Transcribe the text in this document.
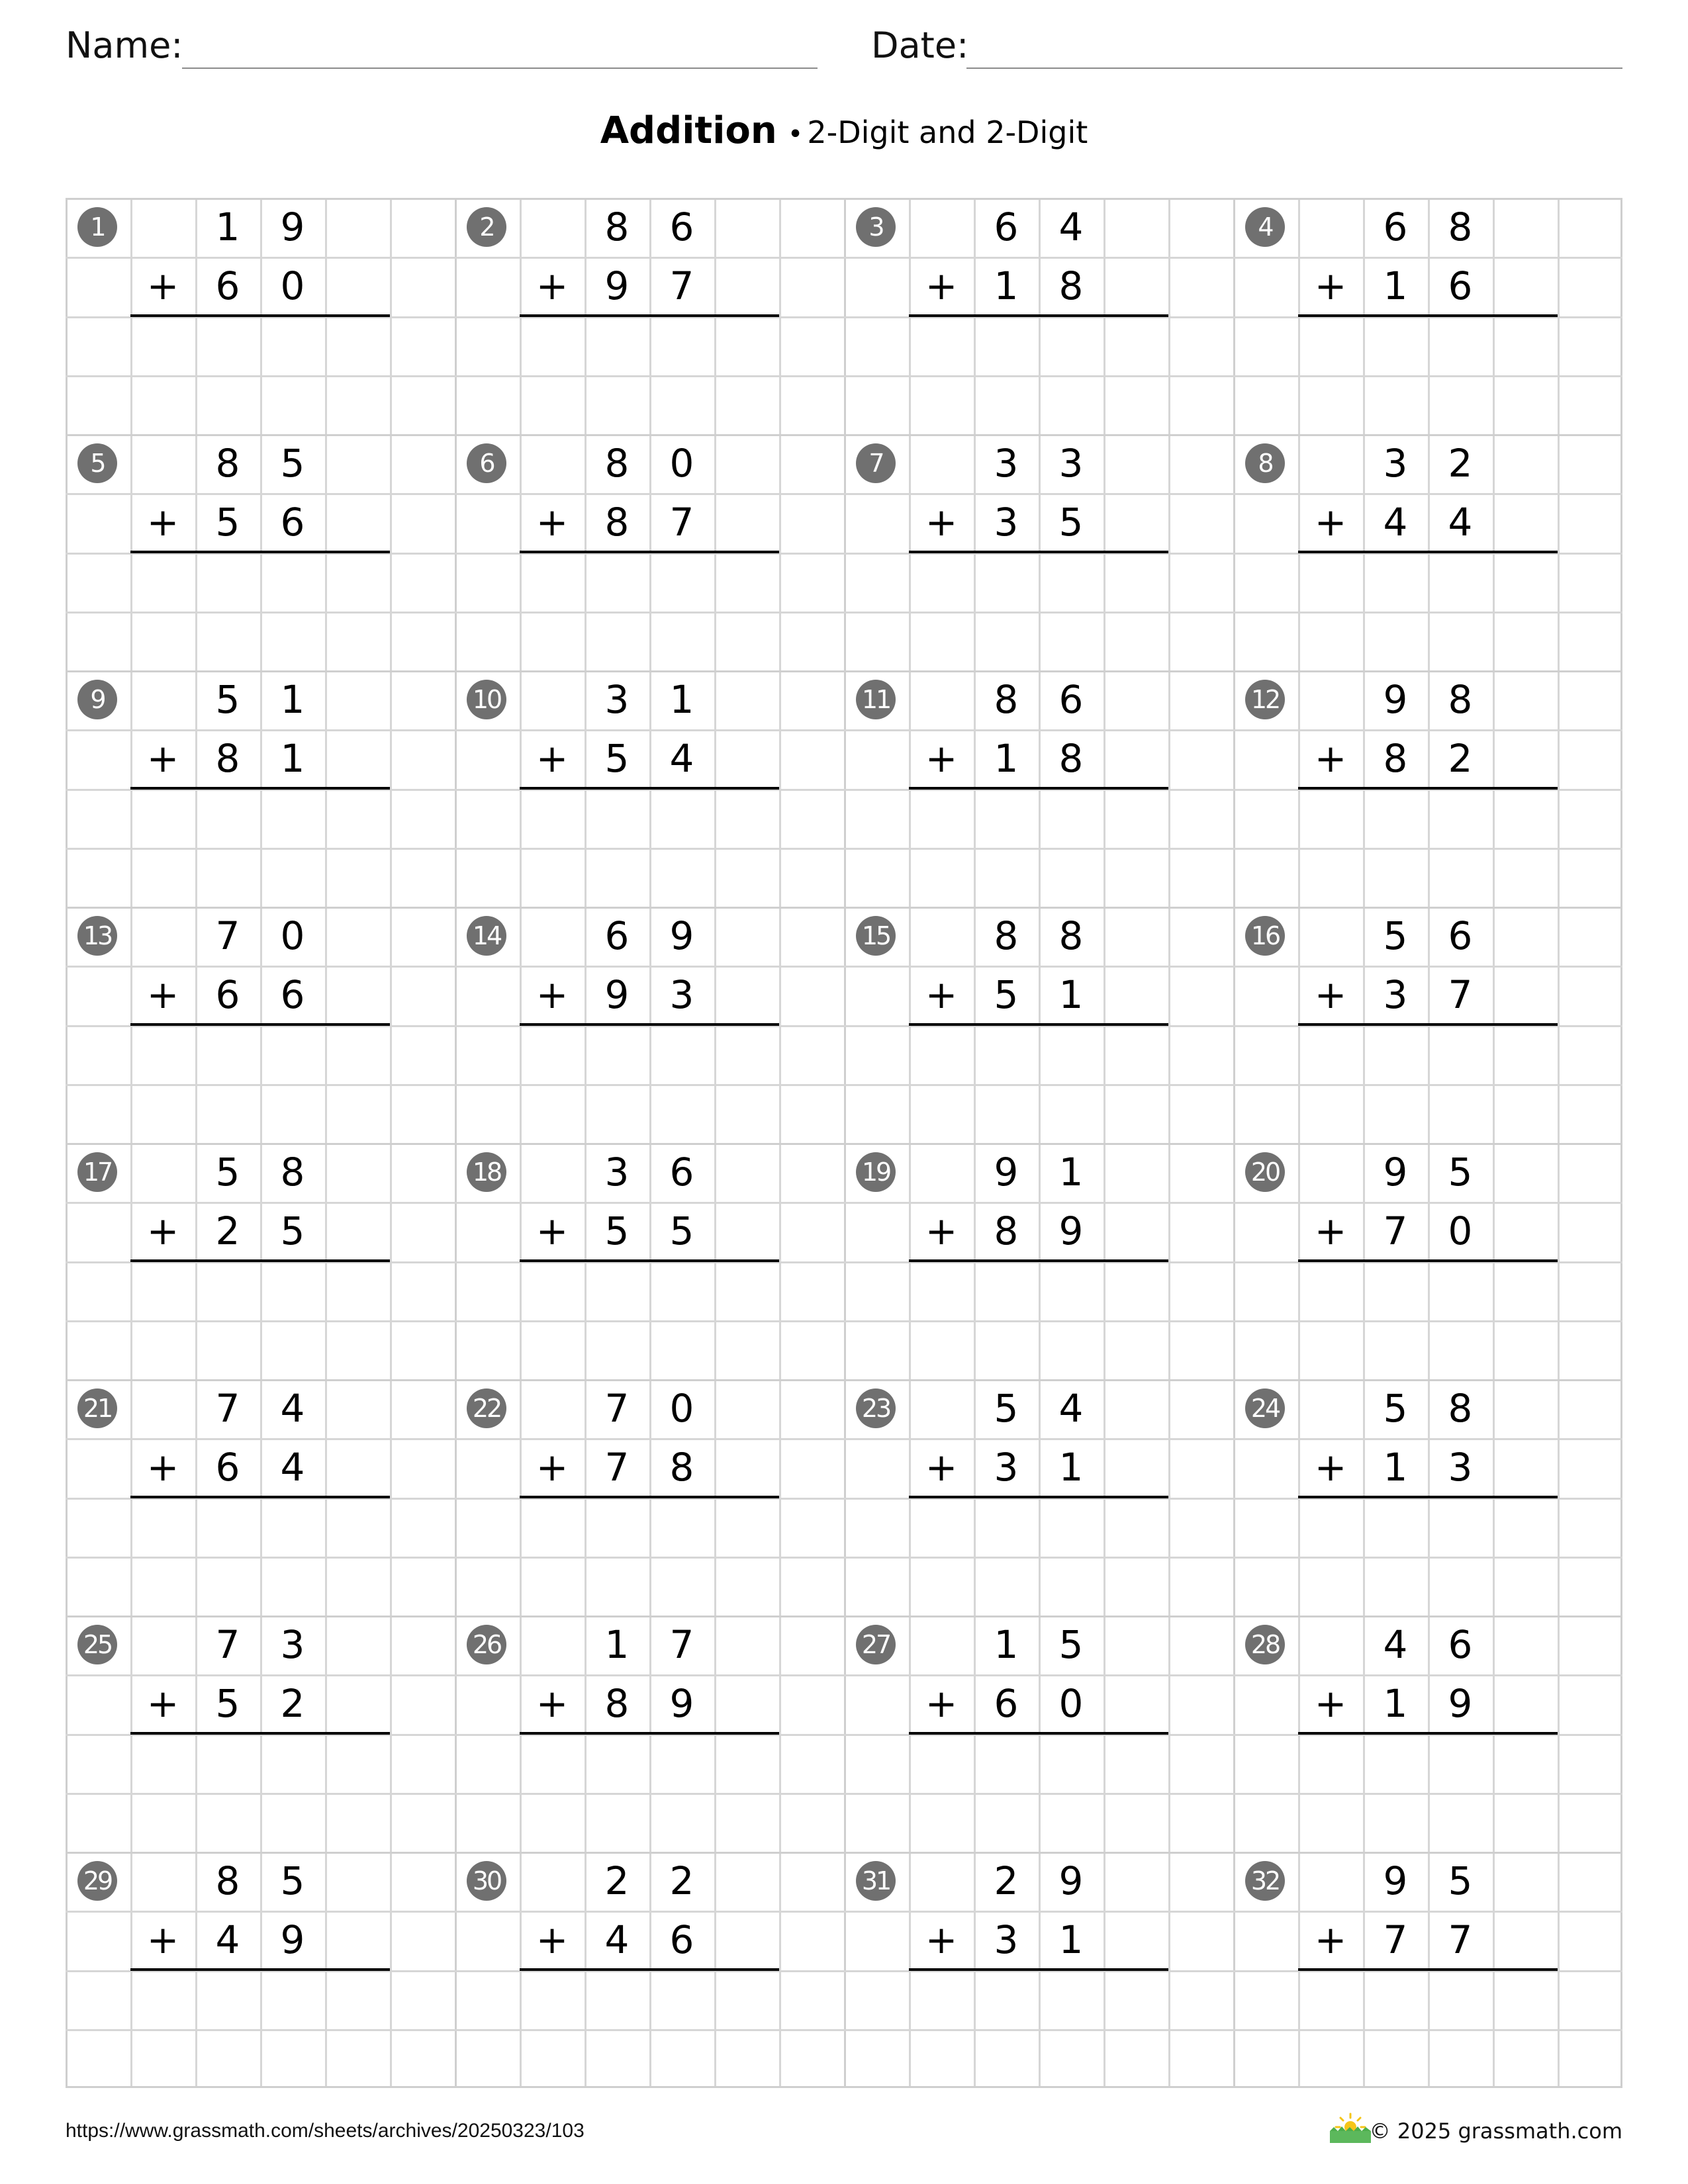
Name:	Date:
Addition • 2-Digit and 2-Digit
1	1	9
+ 6	0
2	8	6
+ 9	7
3	6	4
+ 1	8
4	6	8
+ 1	6
5	8	5
+ 5	6
6	8	0
+ 8	7
7	3	3
+ 3	5
8	3	2
+ 4	4
9	5	1
+ 8	1
10	3	1
+ 5	4
11	8	6
+ 1	8
12	9	8
+ 8	2
13	7	0
+ 6	6
14	6	9
+ 9	3
15	8	8
+ 5	1
16	5	6
+ 3	7
17	5	8
+ 2	5
18	3	6
+ 5	5
19	9	1
+ 8	9
20	9	5
+ 7	0
21	7	4
+ 6	4
22	7	0
+ 7	8
23	5	4
+ 3	1
24	5	8
+ 1	3
25	7	3
+ 5	2
26	1	7
+ 8	9
27	1	5
+ 6	0
28	4	6
+ 1	9
29	8	5
+ 4	9
30	2	2
+ 4	6
31	2	9
+ 3	1
32	9	5
+ 7	7
https://www.grassmath.com/sheets/archives/20250323/103	© 2025 grassmath.com
